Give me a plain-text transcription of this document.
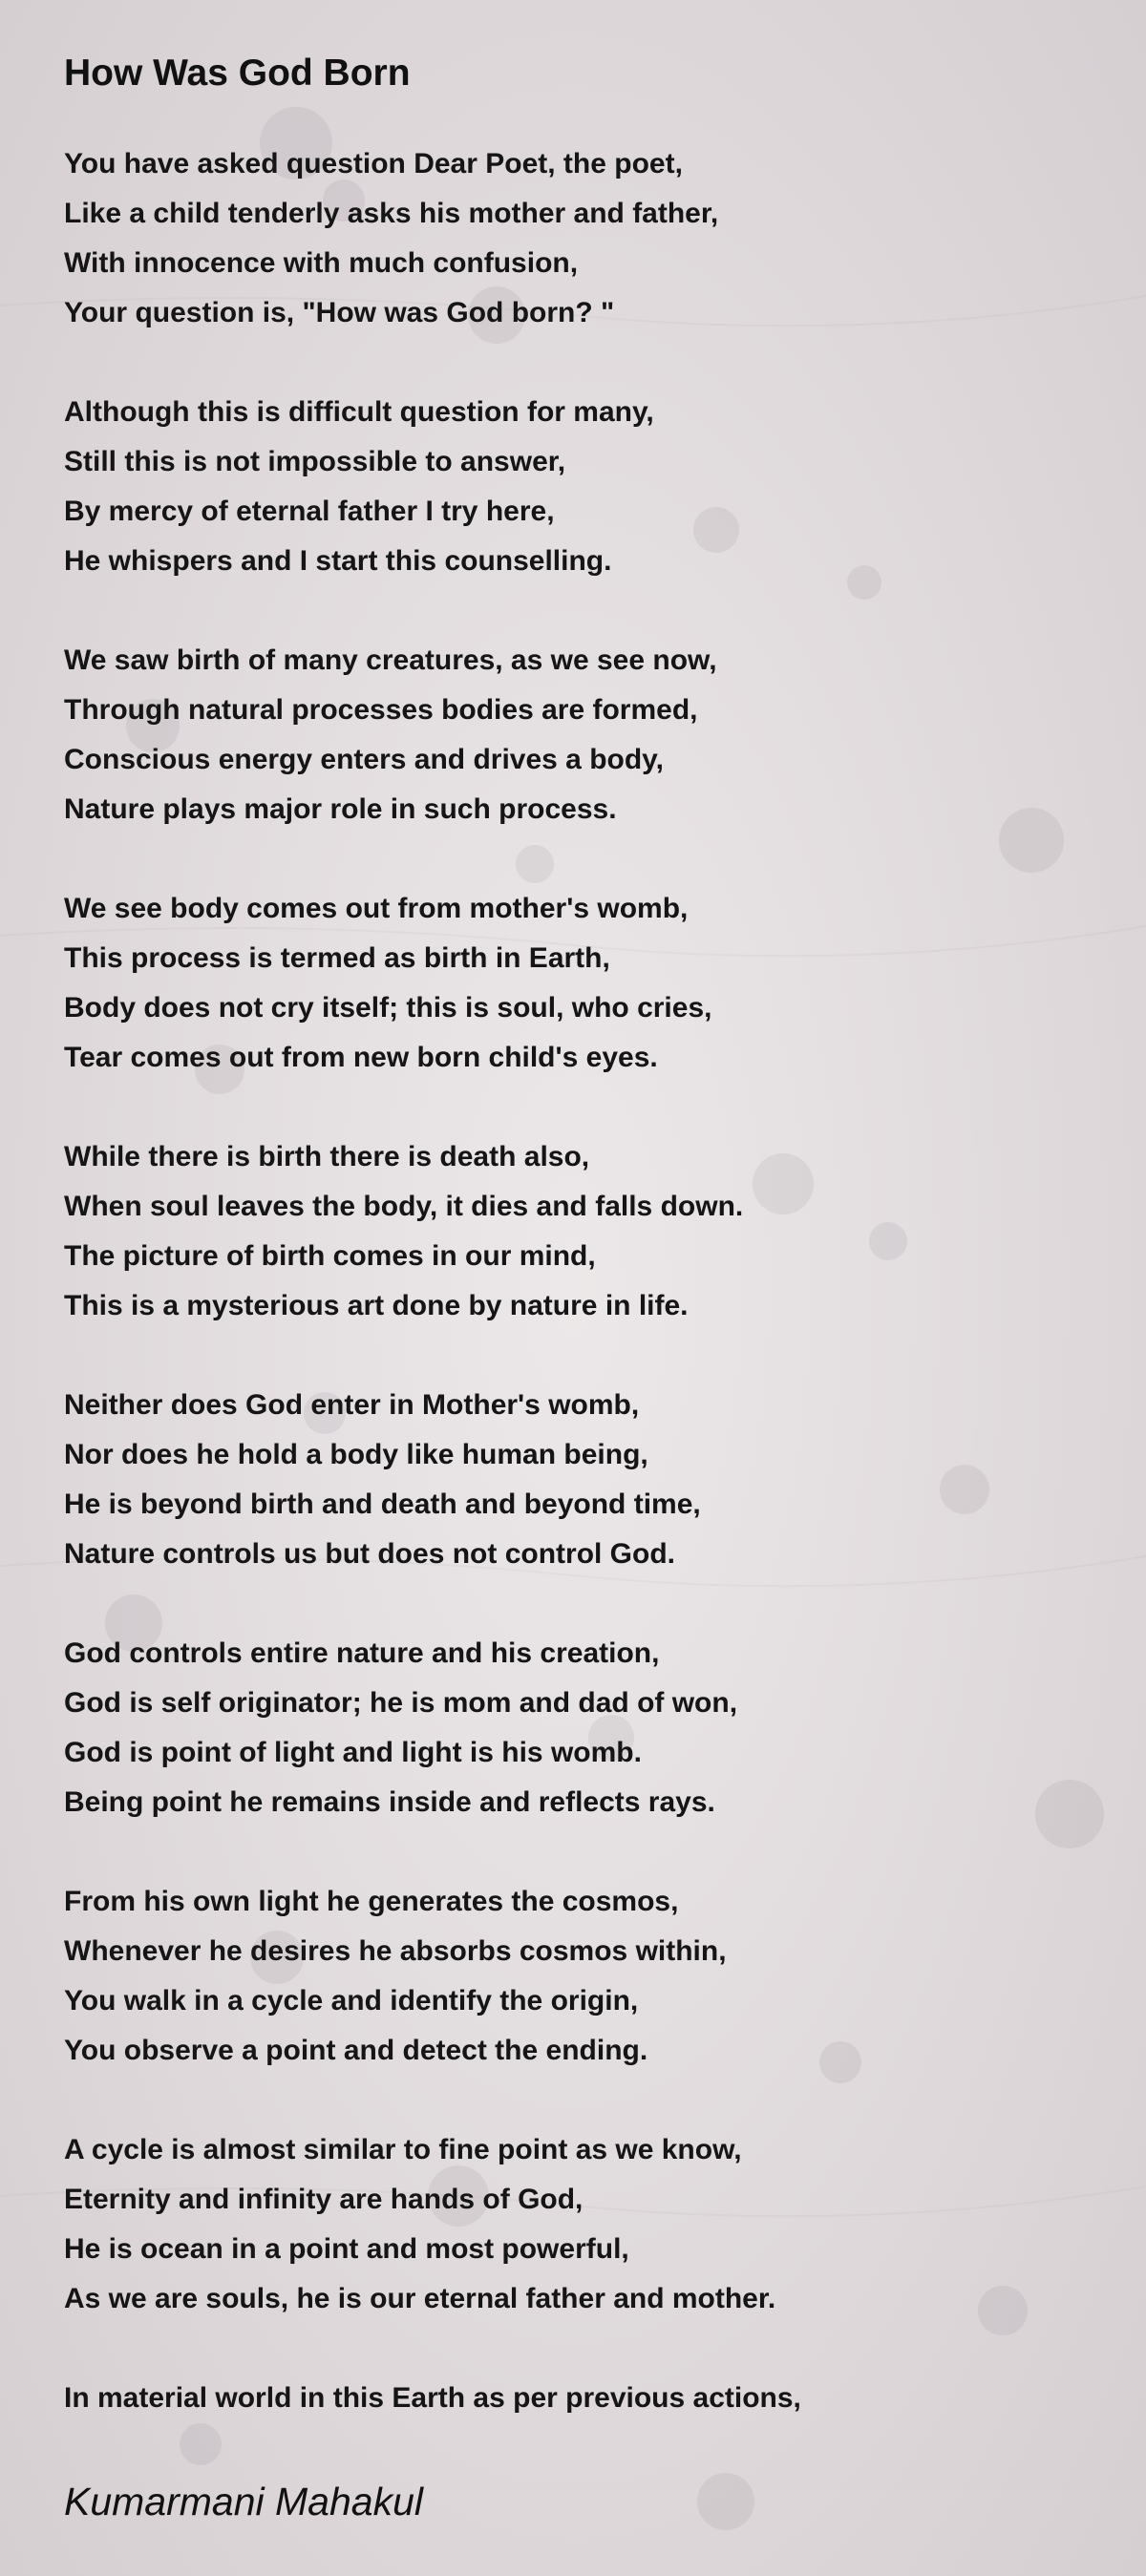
How Was God Born
You have asked question Dear Poet, the poet,
Like a child tenderly asks his mother and father,
With innocence with much confusion,
Your question is, "How was God born? "
Although this is difficult question for many,
Still this is not impossible to answer,
By mercy of eternal father I try here,
He whispers and I start this counselling.
We saw birth of many creatures, as we see now,
Through natural processes bodies are formed,
Conscious energy enters and drives a body,
Nature plays major role in such process.
We see body comes out from mother's womb,
This process is termed as birth in Earth,
Body does not cry itself; this is soul, who cries,
Tear comes out from new born child's eyes.
While there is birth there is death also,
When soul leaves the body, it dies and falls down.
The picture of birth comes in our mind,
This is a mysterious art done by nature in life.
Neither does God enter in Mother's womb,
Nor does he hold a body like human being,
He is beyond birth and death and beyond time,
Nature controls us but does not control God.
God controls entire nature and his creation,
God is self originator; he is mom and dad of won,
God is point of light and light is his womb.
Being point he remains inside and reflects rays.
From his own light he generates the cosmos,
Whenever he desires he absorbs cosmos within,
You walk in a cycle and identify the origin,
You observe a point and detect the ending.
A cycle is almost similar to fine point as we know,
Eternity and infinity are hands of God,
He is ocean in a point and most powerful,
As we are souls, he is our eternal father and mother.
In material world in this Earth as per previous actions,
Kumarmani Mahakul
